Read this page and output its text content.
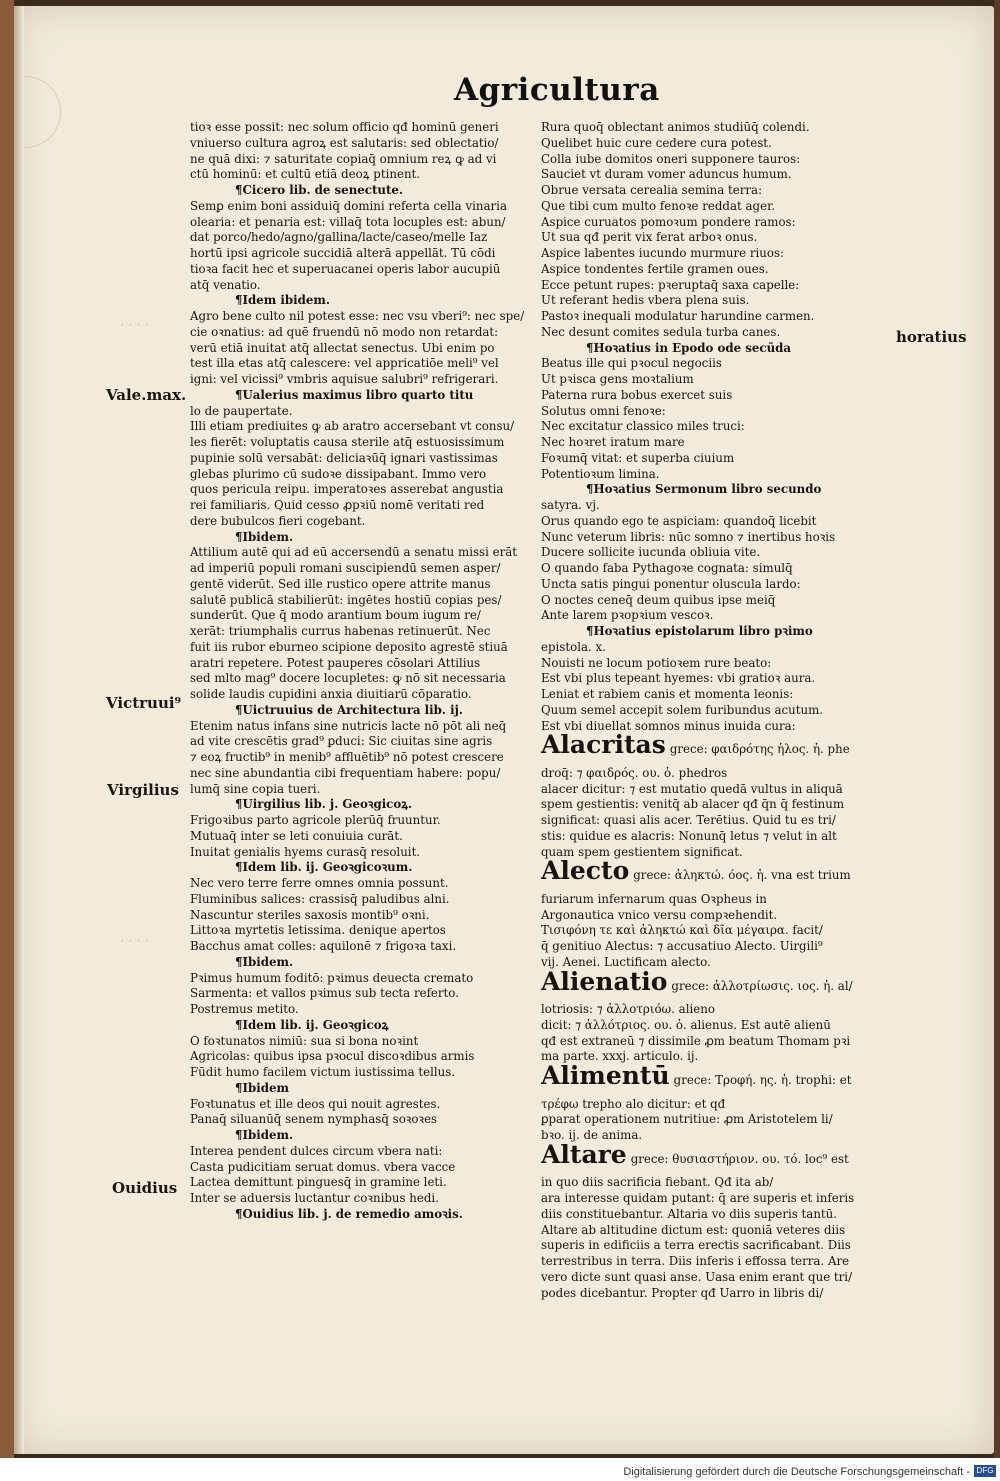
Agricultura
Vale.max.
Victruui⁹
Virgilius
horatius
Ouidius
· · · ·
· · · ·
tioꝛ esse possit: nec solum officio qđ hominū generi
vniuerso cultura agroꝝ est salutaris: sed oblectatio/
ne quā dixi: ⁊ saturitate copiaq̄ omnium reꝝ ꝙ ad vi
ctū hominū: et cultū etiā deoꝝ ptinent.
¶Cicero lib. de senectute.
Semꝑ enim boni assiduiq̄ domini referta cella vinaria
olearia: et penaria est: villaq̄ tota locuples est: abun/
dat porco/hedo/agno/gallina/lacte/caseo/melle Iaz
hortū ipsi agricole succidiā alterā appellāt. Tū cōdi
tioꝛa facit hec et superuacanei operis labor aucupiū
atq̄ venatio.
¶Idem ibidem.
Agro bene culto nil potest esse: nec vsu vberi⁹: nec spe/
cie oꝛnatius: ad quē fruendū nō modo non retardat:
verū etiā inuitat atq̄ allectat senectus. Ubi enim po
test illa etas atq̄ calescere: vel appricatiōe meli⁹ vel
igni: vel vicissi⁹ vmbris aquisue salubri⁹ refrigerari.
¶Ualerius maximus libro quarto titu
lo de paupertate.
Illi etiam prediuites ꝙ ab aratro accersebant vt consu/
les fierēt: voluptatis causa sterile atq̄ estuosissimum
pupinie solū versabāt: deliciaꝛūq̄ ignari vastissimas
glebas plurimo cū sudoꝛe dissipabant. Immo vero
quos pericula reipu. imperatoꝛes asserebat angustia
rei familiaris. Quid cesso ꝓpꝛiū nomē veritati red
dere bubulcos fieri cogebant.
¶Ibidem.
Attilium autē qui ad eū accersendū a senatu missi erāt
ad imperiū populi romani suscipiendū semen asper/
gentē viderūt. Sed ille rustico opere attrite manus
salutē publicā stabilierūt: ingētes hostiū copias pes/
sunderūt. Que q̄ modo arantium boum iugum re/
xerāt: triumphalis currus habenas retinuerūt. Nec
fuit iis rubor eburneo scipione deposito agrestē stiuā
aratri repetere. Potest pauperes cōsolari Attilius
sed mlto mag⁹ docere locupletes: ꝙ nō sit necessaria
solide laudis cupidini anxia diuitiarū cōparatio.
¶Uictruuius de Architectura lib. ij.
Etenim natus infans sine nutricis lacte nō pōt ali neq̄
ad vite crescētis grad⁹ ꝑduci: Sic ciuitas sine agris
⁊ eoꝝ fructib⁹ in menib⁹ affluētib⁹ nō potest crescere
nec sine abundantia cibi frequentiam habere: popu/
lumq̄ sine copia tueri.
¶Uirgilius lib. j. Geoꝛgicoꝝ.
Frigoꝛibus parto agricole plerūq̄ fruuntur.
Mutuaq̄ inter se leti conuiuia curāt.
Inuitat genialis hyems curasq̄ resoluit.
¶Idem lib. ij. Geoꝛgicoꝛum.
Nec vero terre ferre omnes omnia possunt.
Fluminibus salices: crassisq̄ paludibus alni.
Nascuntur steriles saxosis montib⁹ oꝛni.
Littoꝛa myrtetis letissima. denique apertos
Bacchus amat colles: aquilonē ⁊ frigoꝛa taxi.
¶Ibidem.
Pꝛimus humum foditō: pꝛimus deuecta cremato
Sarmenta: et vallos pꝛimus sub tecta referto.
Postremus metito.
¶Idem lib. ij. Geoꝛgicoꝝ
O foꝛtunatos nimiū: sua si bona noꝛint
Agricolas: quibus ipsa pꝛocul discoꝛdibus armis
Fūdit humo facilem victum iustissima tellus.
¶Ibidem
Foꝛtunatus et ille deos qui nouit agrestes.
Panaq̄ siluanūq̄ senem nymphasq̄ soꝛoꝛes
¶Ibidem.
Interea pendent dulces circum vbera nati:
Casta pudicitiam seruat domus. vbera vacce
Lactea demittunt pinguesq̄ in gramine leti.
Inter se aduersis luctantur coꝛnibus hedi.
¶Ouidius lib. j. de remedio amoꝛis.
Rura quoq̄ oblectant animos studiūq̄ colendi.
Quelibet huic cure cedere cura potest.
Colla iube domitos oneri supponere tauros:
Sauciet vt duram vomer aduncus humum.
Obrue versata cerealia semina terra:
Que tibi cum multo fenoꝛe reddat ager.
Aspice curuatos pomoꝛum pondere ramos:
Ut sua qđ perit vix ferat arboꝛ onus.
Aspice labentes iucundo murmure riuos:
Aspice tondentes fertile gramen oues.
Ecce petunt rupes: pꝛeruptaq̄ saxa capelle:
Ut referant hedis vbera plena suis.
Pastoꝛ inequali modulatur harundine carmen.
Nec desunt comites sedula turba canes.
¶Hoꝛatius in Epodo ode secūda
Beatus ille qui pꝛocul negociis
Ut pꝛisca gens moꝛtalium
Paterna rura bobus exercet suis
Solutus omni fenoꝛe:
Nec excitatur classico miles truci:
Nec hoꝛret iratum mare
Foꝛumq̄ vitat: et superba ciuium
Potentioꝛum limina.
¶Hoꝛatius Sermonum libro secundo
satyra. vj.
Orus quando ego te aspiciam: quandoq̄ licebit
Nunc veterum libris: nūc somno ⁊ inertibus hoꝛis
Ducere sollicite iucunda obliuia vite.
O quando faba Pythagoꝛe cognata: simulq̄
Uncta satis pingui ponentur oluscula lardo:
O noctes ceneq̄ deum quibus ipse meiq̄
Ante larem pꝛopꝛium vescoꝛ.
¶Hoꝛatius epistolarum libro pꝛimo
epistola. x.
Nouisti ne locum potioꝛem rure beato:
Est vbi plus tepeant hyemes: vbi gratioꝛ aura.
Leniat et rabiem canis et momenta leonis:
Quum semel accepit solem furibundus acutum.
Est vbi diuellat somnos minus inuida cura:
Alacritas grece: φαιδρότης ἡλος. ἡ. phe
droq̄: ⁊ φαιδρός. ου. ὁ. phedros
alacer dicitur: ⁊ est mutatio quedā vultus in aliquā
spem gestientis: venitq̄ ab alacer qđ q̄n q̄ festinum
significat: quasi alis acer. Terētius. Quid tu es tri/
stis: quidue es alacris: Nonunq̄ letus ⁊ velut in alt
quam spem gestientem significat.
Alecto grece: ἀληκτώ. όος. ἡ. vna est trium
furiarum infernarum quas Oꝛpheus in
Argonautica vnico versu compꝛehendit.
Τισιφόνη τε καὶ ἀληκτώ καὶ δῖα μέγαιρα. facit/
q̄ genitiuo Alectus: ⁊ accusatiuo Alecto. Uirgili⁹
vij. Aenei. Luctificam alecto.
Alienatio grece: ἀλλοτρίωσις. ιος. ἡ. al/
lotriosis: ⁊ ἀλλοτριόω. alieno
dicit: ⁊ ἀλλότριος. ου. ὁ. alienus. Est autē alienū
qđ est extraneū ⁊ dissimile ꝓm beatum Thomam pꝛi
ma parte. xxxj. articulo. ij.
Alimentū grece: Τροφή. ης. ἡ. trophi: et
τρέφω trepho alo dicitur: et qđ
ꝑparat operationem nutritiue: ꝓm Aristotelem li/
bꝛo. ij. de anima.
Altare grece: θυσιαστήριον. ου. τό. loc⁹ est
in quo diis sacrificia fiebant. Qđ ita ab/
ara interesse quidam putant: q̄ are superis et inferis
diis constituebantur. Altaria vo diis superis tantū.
Altare ab altitudine dictum est: quoniā veteres diis
superis in edificiis a terra erectis sacrificabant. Diis
terrestribus in terra. Diis inferis i effossa terra. Are
vero dicte sunt quasi anse. Uasa enim erant que tri/
podes dicebantur. Propter qđ Uarro in libris di/
Digitalisierung gefördert durch die Deutsche Forschungsgemeinschaft - DFG
